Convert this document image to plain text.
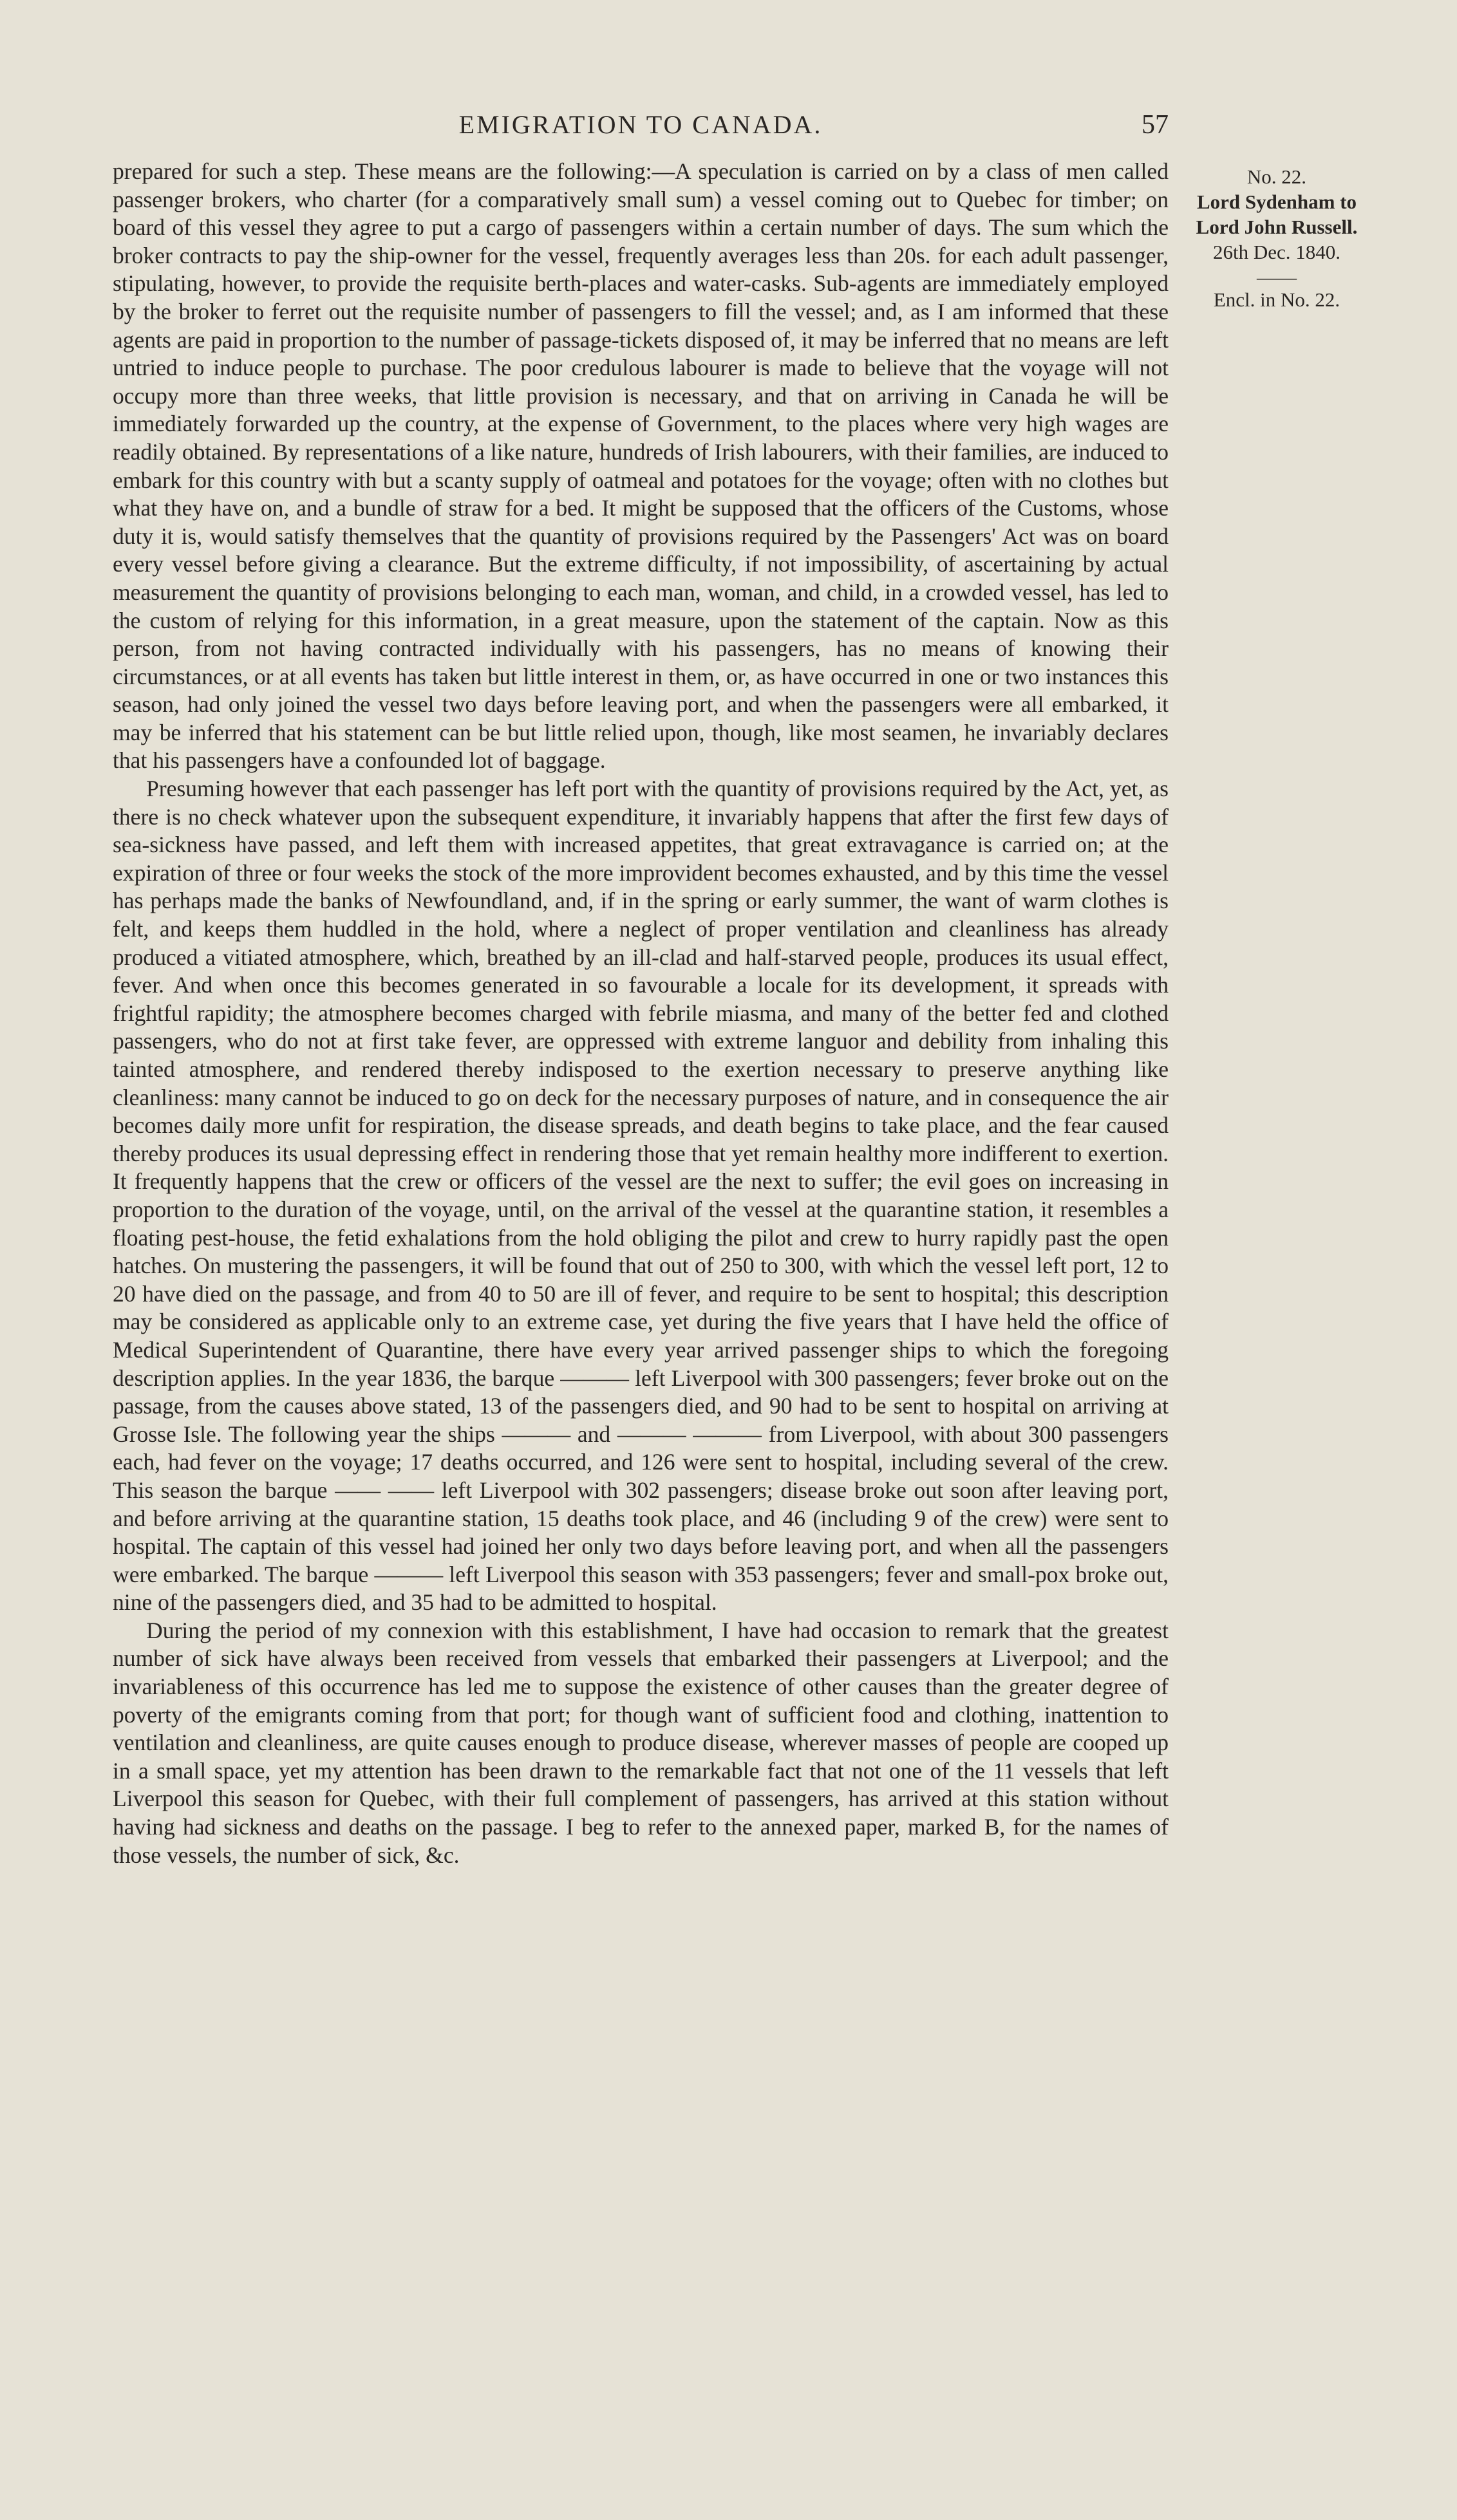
EMIGRATION TO CANADA.	57

prepared for such a step. These means are the following:—A speculation is carried on by a class of men called passenger brokers, who charter (for a comparatively small sum) a vessel coming out to Quebec for timber; on board of this vessel they agree to put a cargo of passengers within a certain number of days. The sum which the broker contracts to pay the ship-owner for the vessel, frequently averages less than 20s. for each adult passenger, stipulating, however, to provide the requisite berth-places and water-casks. Sub-agents are immediately employed by the broker to ferret out the requisite number of passengers to fill the vessel; and, as I am informed that these agents are paid in proportion to the number of passage-tickets disposed of, it may be inferred that no means are left untried to induce people to purchase. The poor credulous labourer is made to believe that the voyage will not occupy more than three weeks, that little provision is necessary, and that on arriving in Canada he will be immediately forwarded up the country, at the expense of Government, to the places where very high wages are readily obtained. By representations of a like nature, hundreds of Irish labourers, with their families, are induced to embark for this country with but a scanty supply of oatmeal and potatoes for the voyage; often with no clothes but what they have on, and a bundle of straw for a bed. It might be supposed that the officers of the Customs, whose duty it is, would satisfy themselves that the quantity of provisions required by the Passengers' Act was on board every vessel before giving a clearance. But the extreme difficulty, if not impossibility, of ascertaining by actual measurement the quantity of provisions belonging to each man, woman, and child, in a crowded vessel, has led to the custom of relying for this information, in a great measure, upon the statement of the captain. Now as this person, from not having contracted individually with his passengers, has no means of knowing their circumstances, or at all events has taken but little interest in them, or, as have occurred in one or two instances this season, had only joined the vessel two days before leaving port, and when the passengers were all embarked, it may be inferred that his statement can be but little relied upon, though, like most seamen, he invariably declares that his passengers have a confounded lot of baggage.

Presuming however that each passenger has left port with the quantity of provisions required by the Act, yet, as there is no check whatever upon the subsequent expenditure, it invariably happens that after the first few days of sea-sickness have passed, and left them with increased appetites, that great extravagance is carried on; at the expiration of three or four weeks the stock of the more improvident becomes exhausted, and by this time the vessel has perhaps made the banks of Newfoundland, and, if in the spring or early summer, the want of warm clothes is felt, and keeps them huddled in the hold, where a neglect of proper ventilation and cleanliness has already produced a vitiated atmosphere, which, breathed by an ill-clad and half-starved people, produces its usual effect, fever. And when once this becomes generated in so favourable a locale for its development, it spreads with frightful rapidity; the atmosphere becomes charged with febrile miasma, and many of the better fed and clothed passengers, who do not at first take fever, are oppressed with extreme languor and debility from inhaling this tainted atmosphere, and rendered thereby indisposed to the exertion necessary to preserve anything like cleanliness: many cannot be induced to go on deck for the necessary purposes of nature, and in consequence the air becomes daily more unfit for respiration, the disease spreads, and death begins to take place, and the fear caused thereby produces its usual depressing effect in rendering those that yet remain healthy more indifferent to exertion. It frequently happens that the crew or officers of the vessel are the next to suffer; the evil goes on increasing in proportion to the duration of the voyage, until, on the arrival of the vessel at the quarantine station, it resembles a floating pest-house, the fetid exhalations from the hold obliging the pilot and crew to hurry rapidly past the open hatches. On mustering the passengers, it will be found that out of 250 to 300, with which the vessel left port, 12 to 20 have died on the passage, and from 40 to 50 are ill of fever, and require to be sent to hospital; this description may be considered as applicable only to an extreme case, yet during the five years that I have held the office of Medical Superintendent of Quarantine, there have every year arrived passenger ships to which the foregoing description applies. In the year 1836, the barque ——— left Liverpool with 300 passengers; fever broke out on the passage, from the causes above stated, 13 of the passengers died, and 90 had to be sent to hospital on arriving at Grosse Isle. The following year the ships ——— and ——— ——— from Liverpool, with about 300 passengers each, had fever on the voyage; 17 deaths occurred, and 126 were sent to hospital, including several of the crew. This season the barque —— —— left Liverpool with 302 passengers; disease broke out soon after leaving port, and before arriving at the quarantine station, 15 deaths took place, and 46 (including 9 of the crew) were sent to hospital. The captain of this vessel had joined her only two days before leaving port, and when all the passengers were embarked. The barque ——— left Liverpool this season with 353 passengers; fever and small-pox broke out, nine of the passengers died, and 35 had to be admitted to hospital.

During the period of my connexion with this establishment, I have had occasion to remark that the greatest number of sick have always been received from vessels that embarked their passengers at Liverpool; and the invariableness of this occurrence has led me to suppose the existence of other causes than the greater degree of poverty of the emigrants coming from that port; for though want of sufficient food and clothing, inattention to ventilation and cleanliness, are quite causes enough to produce disease, wherever masses of people are cooped up in a small space, yet my attention has been drawn to the remarkable fact that not one of the 11 vessels that left Liverpool this season for Quebec, with their full complement of passengers, has arrived at this station without having had sickness and deaths on the passage. I beg to refer to the annexed paper, marked B, for the names of those vessels, the number of sick, &c.

No. 22.
Lord Sydenham to
Lord John Russell.
26th Dec. 1840.
——
Encl. in No. 22.
